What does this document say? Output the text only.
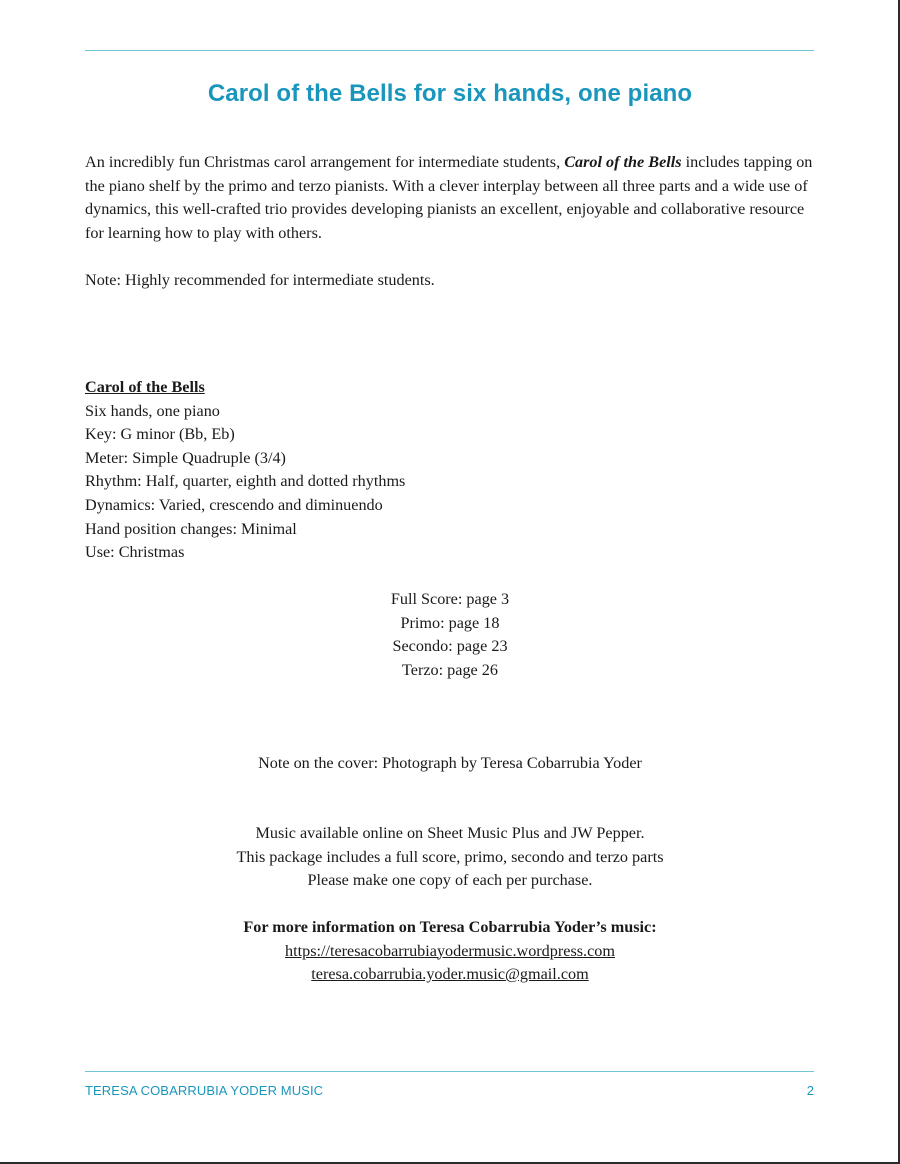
Carol of the Bells for six hands, one piano

An incredibly fun Christmas carol arrangement for intermediate students, Carol of the Bells includes tapping on the piano shelf by the primo and terzo pianists. With a clever interplay between all three parts and a wide use of dynamics, this well-crafted trio provides developing pianists an excellent, enjoyable and collaborative resource for learning how to play with others.

Note: Highly recommended for intermediate students.

Carol of the Bells
Six hands, one piano
Key: G minor (Bb, Eb)
Meter: Simple Quadruple (3/4)
Rhythm: Half, quarter, eighth and dotted rhythms
Dynamics: Varied, crescendo and diminuendo
Hand position changes: Minimal
Use: Christmas
Full Score: page 3
Primo: page 18
Secondo: page 23
Terzo: page 26
Note on the cover: Photograph by Teresa Cobarrubia Yoder
Music available online on Sheet Music Plus and JW Pepper.
This package includes a full score, primo, secondo and terzo parts
Please make one copy of each per purchase.
For more information on Teresa Cobarrubia Yoder’s music:
https://teresacobarrubiayodermusic.wordpress.com
teresa.cobarrubia.yoder.music@gmail.com
TERESA COBARRUBIA YODER MUSIC	2
